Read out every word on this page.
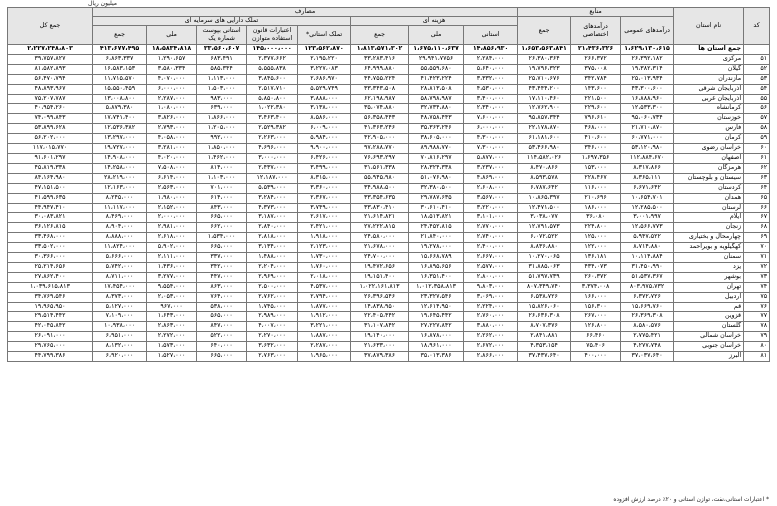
میلیون ریال
کد	نام استان	منابع			مصارف								جمع کل
		درآمدهای عمومی	درآمدهای اختصاصی	جمع	هزینه ای			تملک دارایی های سرمایه ای					
					استانی	ملی	جمع	تملک استانی*	اعتبارات قانون استفاده متوازن	استانی بپوست شماره یک	ملی	جمع	
	جمع استان ها	۱،۶۲۹،۱۳۰،۶۱۵	۲۱،۴۳۶،۳۲۶	۱،۶۵۳،۵۶۳،۸۴۱	۱۴،۸۵۶،۹۳۰	۱،۶۷۵،۱۱۰،۶۳۷	۱،۸۱۳،۵۷۱،۳۰۲	۱۲۳،۵۶۲،۸۷۰	۱۴۵،۰۰۰،۰۰۰	۳۳،۵۶۰،۶۰۷	۱۸،۵۸۳۴،۸۱۸	۴۱۳،۶۷۷،۴۹۵	۲،۲۲۷،۲۴۸،۸۰۳
۵۱	مرکزی	۲۶،۳۹۲،۱۸۲	۲۶۶،۳۷۲	۲۶،۳۸۰،۳۶۴	۲،۲۸۴،۰۰۰	۲۹،۹۴۱،۷۷۵۶	۳۳،۲۸۳،۴۱۶	۲،۱۹۵،۲۲۰	۲،۳۷۷،۶۶۲	۶۸۳،۴۹۱	۱،۲۹۰،۶۵۷	۶،۸۶۳،۳۳۷	۳۹،۷۵۷،۸۲۷
۵۲	گیلان	۱۹،۳۸۲،۳۱۴	۳۷۵،۰۰۸	۱۹،۷۹۶،۳۲۳	۵،۶۴۰،۰۰۰	۵۵،۵۵۹،۶۸۰	۶۴،۹۹۹،۸۸۰	۳،۲۲۷،۰۸۳	۵،۵۵۵،۸۳۸	۵۸۵،۳۴۴	۳،۵۸۰،۳۳۴	۱۶،۵۸۳،۱۵۳	۸۱،۵۸۲،۸۹۳
۵۳	مازندران	۲۵،۰۱۳،۹۳۴	۳۴۲،۷۸۴	۲۵،۷۱۰،۶۷۶	۳،۳۳۲،۰۰۰	۴۱،۴۲۳،۲۲۴	۴۴،۷۵۵،۲۲۴	۲،۶۸۶،۹۷۰	۳،۸۴۵،۶۰۰	۱،۱۱۳،۰۰۰	۴،۰۷۰،۰۰۰	۱۱،۷۱۵،۵۷۰	۵۶،۴۷۰،۷۹۴
۵۴	آذربایجان شرقی	۴۳،۳۰۰،۶۰۰	۱۴۳،۶۰۰	۴۳،۴۴۴،۲۰۰	۴،۵۳۰،۰۰۰	۲۸،۸۱۳،۵۰۸	۳۳،۳۴۳،۵۰۸	۵،۵۲۹،۷۴۹	۲،۵۱۷،۷۱۰	۱،۵۰۳،۰۰۰	۶،۰۰۰،۰۰۰	۱۵،۵۵۰،۴۵۹	۴۸،۸۹۳،۹۶۷
۵۵	آذربایجان غربی	۱۶،۸۸۸،۹۶۰	۲۲۱،۵۰۰	۱۷،۱۱۰،۴۶۰	۳،۴۰۰،۰۰۰	۵۸،۷۹۸،۹۸۷	۶۲،۱۹۸،۹۸۷	۳،۸۸۸،۰۰۰	۵،۸۵۰،۸۰۰	۹۸۳،۰۰۰	۲،۲۸۷،۰۰۰	۱۳،۰۰۸،۸۰۰	۷۵،۲۰۷،۷۸۷
۵۶	کرمانشاه	۱۲،۵۳۳،۳۰۰	۲۲۹،۶۰۰	۱۲،۷۶۲،۹۰۰	۲،۳۴۰،۰۰۰	۳۲،۷۳۴،۸۸۰	۳۵،۰۷۴،۸۸۰	۳،۱۳۸،۰۰۰	۱،۰۲۲،۳۸۰	۶۳۹،۰۰۰	۱،۰۸۰،۰۰۰	۵،۸۷۹،۳۸۰	۴۰،۹۵۴،۲۶۰
۵۷	خوزستان	۹۵،۰۶۰،۷۳۴	۷۹۶،۶۱۰	۹۵،۸۵۷،۳۴۴	۷،۶۰۰،۰۰۰	۴۸،۷۵۸،۴۴۳	۵۶،۳۵۸،۴۴۳	۸،۵۸۶،۰۰۰	۳،۴۶۳،۴۰۰	۱،۸۶۶،۰۰۰	۳،۸۲۶،۰۰۰	۱۷،۷۴۱،۴۰۰	۷۴،۰۹۹،۸۴۳
۵۸	فارس	۲۱،۷۱۰،۸۷۰	۴۶۸،۰۰۰	۲۲،۱۷۸،۸۷۰	۶،۰۰۰،۰۰۰	۳۵،۳۶۳،۲۴۶	۴۱،۳۶۳،۲۴۶	۶،۰۰۹،۰۰۰	۲،۵۲۹،۳۸۲	۱،۲۰۵،۰۰۰	۲،۷۹۳،۰۰۰	۱۲،۵۳۶،۳۸۲	۵۳،۸۹۹،۶۲۸
۵۹	کرمان	۶۰،۷۷۱،۰۰۰	۴۱۰،۶۰۰	۶۱،۱۸۱،۶۰۰	۴،۳۰۰،۰۰۰	۳۸،۶۰۵،۰۰۰	۴۲،۹۰۵،۰۰۰	۵،۹۸۴،۰۰۰	۲،۲۶۳،۰۰۰	۹۹۲،۰۰۰	۴،۰۵۸،۰۰۰	۱۳،۲۹۷،۰۰۰	۵۶،۲۰۲،۰۰۰
۶۰	خراسان رضوی	۵۳،۱۲۰،۹۸۰	۳۴۶،۰۰۰	۵۳،۴۶۶،۹۸۰	۷،۳۰۰،۰۰۰	۸۹،۹۸۸،۷۷۰	۹۷،۲۸۸،۷۷۰	۹،۹۰۰،۰۰۰	۴،۶۹۶،۰۰۰	۱،۸۵۰،۰۰۰	۳،۲۸۱،۰۰۰	۱۹،۷۲۷،۰۰۰	۱۱۷،۰۱۵،۷۷۰
۶۱	اصفهان	۱۱۲،۸۸۴،۶۷۰	۱،۶۹۷،۳۵۶	۱۱۴،۵۸۲،۰۲۶	۵،۸۷۷،۰۰۰	۷۰،۸۱۶،۲۹۷	۷۶،۶۹۳،۲۹۷	۶،۴۲۶،۰۰۰	۳،۰۰۰،۰۰۰	۱،۴۶۲،۰۰۰	۴،۰۲۰،۰۰۰	۱۴،۹۰۸،۰۰۰	۹۱،۶۰۱،۲۹۷
۶۲	هرمزگان	۸،۳۱۷،۸۶۶	۱۵۳،۰۰۰	۸،۴۷۰،۸۶۶	۳،۲۳۷،۰۰۰	۲۸،۳۲۴،۳۳۸	۳۱،۵۶۱،۳۳۸	۳،۴۹۹،۰۰۰	۲،۴۳۷،۰۰۰	۸۱۴،۰۰۰	۷،۵۰۸،۰۰۰	۱۴،۲۵۸،۰۰۰	۴۵،۸۱۹،۳۳۸
۶۳	سیستان و بلوچستان	۸،۳۶۵،۱۱۱	۲۲۸،۴۶۷	۸،۵۹۳،۵۷۸	۴،۸۶۹،۰۰۰	۵۱،۰۷۶،۹۸۰	۵۵،۹۴۵،۹۸۰	۸،۳۱۵،۰۰۰	۱۲،۱۸۷،۰۰۰	۱،۱۰۳،۰۰۰	۶،۶۱۴،۰۰۰	۲۸،۲۱۹،۰۰۰	۸۴،۱۶۴،۹۸۰
۶۴	کردستان	۶،۶۷۱،۶۴۲	۱۱۶،۰۰۰	۶،۷۸۷،۶۴۲	۲،۶۰۸،۰۰۰	۳۲،۳۸۰،۵۰۰	۳۴،۹۸۸،۵۰۰	۳،۳۶۰،۰۰۰	۵،۵۳۹،۰۰۰	۷۰۱،۰۰۰	۲،۵۶۳،۰۰۰	۱۲،۱۶۳،۰۰۰	۴۷،۱۵۱،۵۰۰
۶۵	همدان	۱۰،۶۵۴،۷۰۱	۲۱۰،۶۹۶	۱۰،۸۶۵،۳۹۷	۳،۵۶۷،۰۰۰	۲۹،۷۸۷،۶۳۵	۳۳،۳۵۴،۶۳۵	۲،۳۶۷،۰۰۰	۳،۲۸۴،۰۰۰	۶۱۴،۰۰۰	۱،۹۸۰،۰۰۰	۸،۲۴۵،۰۰۰	۴۱،۵۹۹،۶۳۵
۶۶	لرستان	۱۲،۲۸۵،۵۰۰	۱۸۶،۰۰۰	۱۲،۴۷۱،۵۰۰	۳،۲۲۰،۰۰۰	۳۰،۶۱۰،۴۱۰	۳۳،۸۳۰،۴۱۰	۳،۷۴۹،۰۰۰	۴،۳۷۳،۰۰۰	۸۴۳،۰۰۰	۲،۱۵۲،۰۰۰	۱۱،۱۱۷،۰۰۰	۴۴،۹۴۷،۴۱۰
۶۷	ایلام	۳،۰۰۱،۹۹۷	۳۶،۰۸۰	۳،۰۳۸،۰۷۷	۳،۱۰۱،۰۰۰	۱۸،۵۱۳،۸۲۱	۲۱،۶۱۴،۸۲۱	۲،۶۱۷،۰۰۰	۳،۱۸۷،۰۰۰	۶۶۵،۰۰۰	۲،۰۰۰،۰۰۰	۸،۴۶۹،۰۰۰	۳۰،۰۸۳،۸۲۱
۶۸	زنجان	۱۲،۵۶۶،۷۷۳	۲۲۴،۸۰۰	۱۲،۷۹۱،۵۷۳	۲،۷۷۰،۰۰۰	۲۴،۴۵۲،۸۱۵	۲۷،۲۲۲،۸۱۵	۲،۴۲۱،۰۰۰	۲،۸۴۰،۰۰۰	۶۶۲،۰۰۰	۲،۹۸۱،۰۰۰	۸،۹۰۴،۰۰۰	۳۶،۱۲۶،۸۱۵
۶۹	چهارمحال و بختیاری	۵،۹۴۷،۵۲۲	۱۲۵،۰۰۰	۶،۰۷۲،۵۲۲	۲،۷۴۰،۰۰۰	۲۱،۸۴۰،۰۰۰	۲۴،۵۸۰،۰۰۰	۱،۹۱۸،۰۰۰	۲،۸۱۸،۰۰۰	۱،۵۳۴،۰۰۰	۲،۶۱۸،۰۰۰	۸،۸۸۸،۰۰۰	۳۳،۴۶۸،۰۰۰
۷۰	کهگیلویه و بویراحمد	۸،۷۱۴،۸۸۰	۱۲۲،۰۰۰	۸،۸۳۶،۸۸۰	۲،۴۰۰،۰۰۰	۱۹،۲۷۸،۰۰۰	۲۱،۶۷۸،۰۰۰	۲،۱۲۳،۰۰۰	۳،۱۳۴،۰۰۰	۶۶۵،۰۰۰	۵،۹۰۲،۰۰۰	۱۱،۸۲۴،۰۰۰	۳۳،۵۰۲،۰۰۰
۷۱	سمنان	۱۰،۱۱۴،۸۸۴	۱۳۶،۱۸۱	۱۰،۲۷۰،۰۶۵	۲،۶۶۷،۰۰۰	۱۵،۶۶۸،۷۸۹	۲۴،۷۰۰،۰۰۰	۱،۷۳۰،۰۰۰	۱،۴۸۸،۰۰۰	۳۳۷،۰۰۰	۲،۱۱۱،۰۰۰	۵،۶۶۶،۰۰۰	۳۰،۳۶۶،۰۰۰
۷۲	یزد	۳۱،۴۵۰،۹۹۰	۴۳۴،۰۷۳	۳۱،۸۸۵،۰۶۳	۲،۵۷۷،۰۰۰	۱۶،۸۹۵،۶۵۶	۱۹،۴۷۲،۶۵۶	۱،۷۶۰،۰۰۰	۲،۲۰۴،۰۰۰	۳۴۲،۰۰۰	۱،۴۳۶،۰۰۰	۵،۷۴۲،۰۰۰	۲۵،۲۱۴،۶۵۶
۷۳	بوشهر	۵۱،۵۳۷،۳۶۷	۲۶۰،۳۷۲	۵۱،۷۹۷،۷۳۹	۲،۸۰۰،۰۰۰	۱۶،۳۵۱،۴۰۰	۱۹،۱۵۱،۴۰۰	۲،۰۱۸،۰۰۰	۲،۹۶۹،۰۰۰	۴۴۷،۰۰۰	۳،۲۷۷،۰۰۰	۸،۷۱۱،۰۰۰	۲۷،۸۶۲،۴۰۰
۷۴	تهران	۸۰۳،۹۷۵،۷۳۲	۳،۳۷۴،۰۰۸	۸۰۷،۳۴۹،۷۴۰	۹،۸۰۳،۰۰۰	۱،۰۱۲،۳۵۸،۸۱۳	۱،۰۲۲،۱۶۱،۸۱۳	۴،۵۳۷،۰۰۰	۲،۵۰۰،۰۰۰	۸۶۳،۰۰۰	۹،۵۵۴،۰۰۰	۱۷،۴۵۴،۰۰۰	۱،۰۳۹،۶۱۵،۸۱۳
۷۵	اردبیل	۶،۳۷۲،۷۲۶	۱۶۶،۰۰۰	۶،۵۳۸،۷۲۶	۳،۰۶۹،۰۰۰	۲۳،۳۲۷،۵۴۶	۲۶،۳۹۶،۵۴۶	۲،۷۹۴،۰۰۰	۲،۷۶۲،۰۰۰	۷۶۴،۰۰۰	۲،۰۵۳،۰۰۰	۸،۳۷۳،۰۰۰	۳۴،۷۶۹،۵۴۶
۷۶	قم	۱۵،۶۶۹،۷۶۰	۱۵۶،۳۰۰	۱۵،۸۲۶،۰۶۰	۲،۲۲۴،۰۰۰	۱۲،۶۱۴،۹۵۰	۱۴،۸۳۸،۹۵۰	۱،۸۷۷،۰۰۰	۱،۷۴۵،۰۰۰	۵۳۸،۰۰۰	۹۶۷،۰۰۰	۵،۱۲۷،۰۰۰	۱۹،۹۶۵،۹۵۰
۷۷	قزوین	۲۶،۳۶۹،۳۰۸	۲۶۷،۰۰۰	۲۶،۶۳۶،۳۰۸	۲،۷۶۰،۰۰۰	۱۹،۶۴۵،۴۴۲	۲۲،۴۰۵،۴۴۲	۱،۹۱۲،۰۰۰	۲،۹۸۹،۰۰۰	۵۶۵،۰۰۰	۱،۶۴۳،۰۰۰	۷،۱۰۹،۰۰۰	۲۹،۵۱۴،۴۴۲
۷۸	گلستان	۸،۵۸۰،۵۷۶	۱۲۶،۸۰۰	۸،۷۰۷،۳۷۶	۳،۸۸۰،۰۰۰	۲۷،۲۲۷،۸۴۲	۳۱،۱۰۷،۸۴۲	۳،۲۲۱،۰۰۰	۴،۰۰۷،۰۰۰	۸۴۷،۰۰۰	۲،۸۶۳،۰۰۰	۱۰،۹۳۸،۰۰۰	۴۲،۰۴۵،۸۴۲
۷۹	خراسان شمالی	۲،۷۷۵،۴۲۱	۶۶،۴۶۰	۲،۸۴۱،۸۸۱	۲،۲۶۲،۰۰۰	۱۶،۸۷۸،۰۰۰	۱۹،۱۴۰،۰۰۰	۱،۸۸۷،۰۰۰	۲،۲۷۰،۰۰۰	۵۲۲،۰۰۰	۲،۲۷۲،۰۰۰	۶،۹۵۱،۰۰۰	۲۶،۰۹۱،۰۰۰
۸۰	خراسان جنوبی	۴،۲۷۷،۷۴۸	۷۵،۴۰۶	۴،۳۵۳،۱۵۴	۲،۶۷۲،۰۰۰	۱۸،۹۶۱،۰۰۰	۲۱،۶۳۳،۰۰۰	۲،۲۸۷،۰۰۰	۳،۶۳۲،۰۰۰	۶۴۰،۰۰۰	۱،۵۷۳،۰۰۰	۸،۱۳۲،۰۰۰	۲۹،۷۶۵،۰۰۰
۸۱	البرز	۳۷،۰۳۷،۶۴۰	۴۰۰،۰۰۰	۳۷،۴۳۷،۶۴۰	۲،۸۶۶،۰۰۰	۳۵،۰۱۳،۳۸۶	۳۷،۸۷۹،۳۸۶	۱،۹۶۵،۰۰۰	۲،۷۶۳،۰۰۰	۶۶۵،۰۰۰	۱،۵۲۷،۰۰۰	۶،۹۲۰،۰۰۰	۴۴،۷۹۹،۳۸۶
* اعتبارات استانی،نفت، توازن استانی و ۲۰٪ درصد ارزش افزوده
